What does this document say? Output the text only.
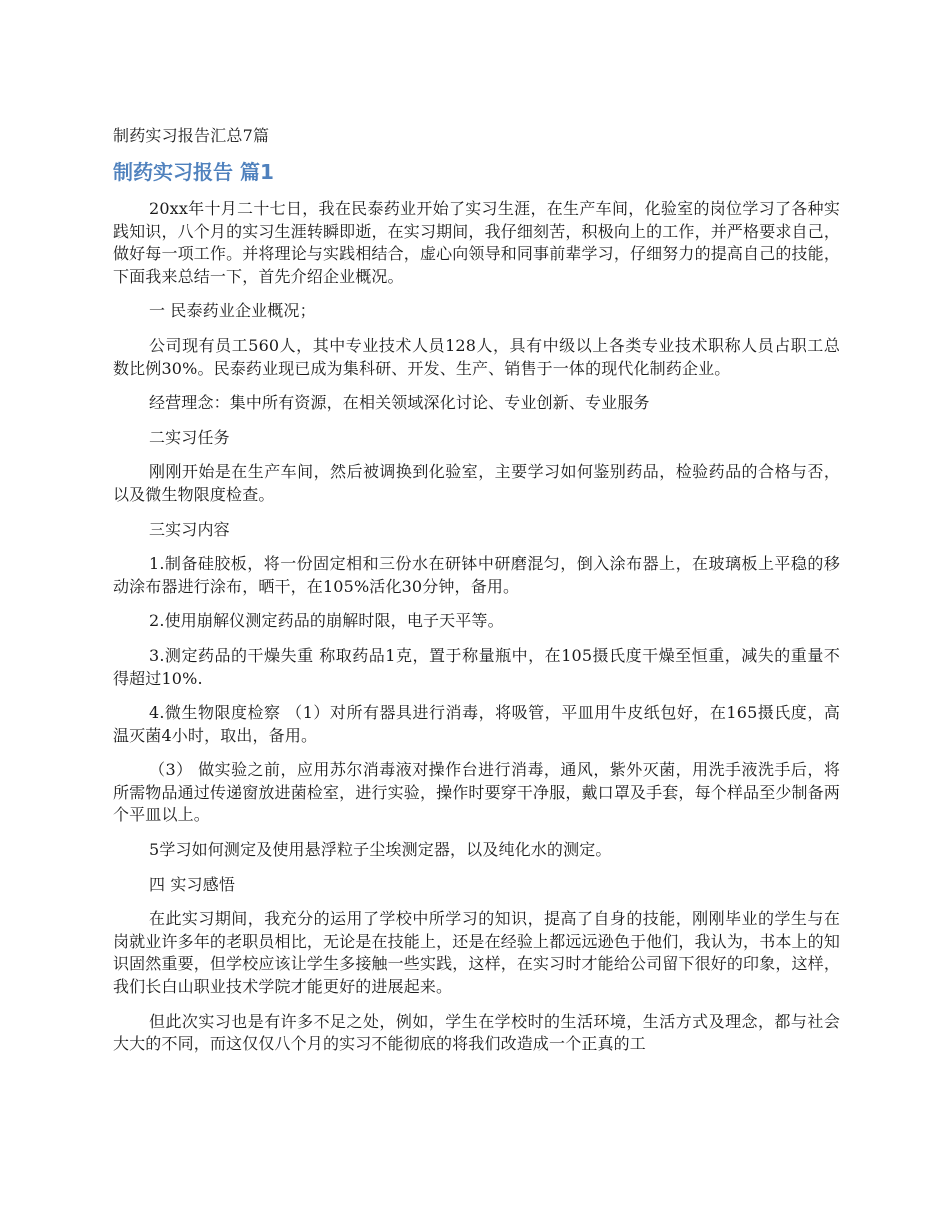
制药实习报告汇总7篇
制药实习报告 篇1

20xx年十月二十七日，我在民泰药业开始了实习生涯，在生产车间，化验室的岗位学习了各种实践知识，八个月的实习生涯转瞬即逝，在实习期间，我仔细刻苦，积极向上的工作，并严格要求自己，做好每一项工作。并将理论与实践相结合，虚心向领导和同事前辈学习，仔细努力的提高自己的技能，下面我来总结一下，首先介绍企业概况。

一 民泰药业企业概况；

公司现有员工560人，其中专业技术人员128人，具有中级以上各类专业技术职称人员占职工总数比例30%。民泰药业现已成为集科研、开发、生产、销售于一体的现代化制药企业。

经营理念：集中所有资源，在相关领域深化讨论、专业创新、专业服务

二实习任务

刚刚开始是在生产车间，然后被调换到化验室，主要学习如何鉴别药品，检验药品的合格与否，以及微生物限度检查。

三实习内容

1.制备硅胶板，将一份固定相和三份水在研钵中研磨混匀，倒入涂布器上，在玻璃板上平稳的移动涂布器进行涂布，晒干，在105%活化30分钟，备用。

2.使用崩解仪测定药品的崩解时限，电子天平等。

3.测定药品的干燥失重 称取药品1克，置于称量瓶中，在105摄氏度干燥至恒重，减失的重量不得超过10%.

4.微生物限度检察 （1）对所有器具进行消毒，将吸管，平皿用牛皮纸包好，在165摄氏度，高温灭菌4小时，取出，备用。

（3） 做实验之前，应用苏尔消毒液对操作台进行消毒，通风，紫外灭菌，用洗手液洗手后，将所需物品通过传递窗放进菌检室，进行实验，操作时要穿干净服，戴口罩及手套，每个样品至少制备两个平皿以上。

5学习如何测定及使用悬浮粒子尘埃测定器，以及纯化水的测定。

四 实习感悟

在此实习期间，我充分的运用了学校中所学习的知识，提高了自身的技能，刚刚毕业的学生与在岗就业许多年的老职员相比，无论是在技能上，还是在经验上都远远逊色于他们，我认为，书本上的知识固然重要，但学校应该让学生多接触一些实践，这样，在实习时才能给公司留下很好的印象，这样，我们长白山职业技术学院才能更好的进展起来。

但此次实习也是有许多不足之处，例如，学生在学校时的生活环境，生活方式及理念，都与社会大大的不同，而这仅仅八个月的实习不能彻底的将我们改造成一个正真的工
